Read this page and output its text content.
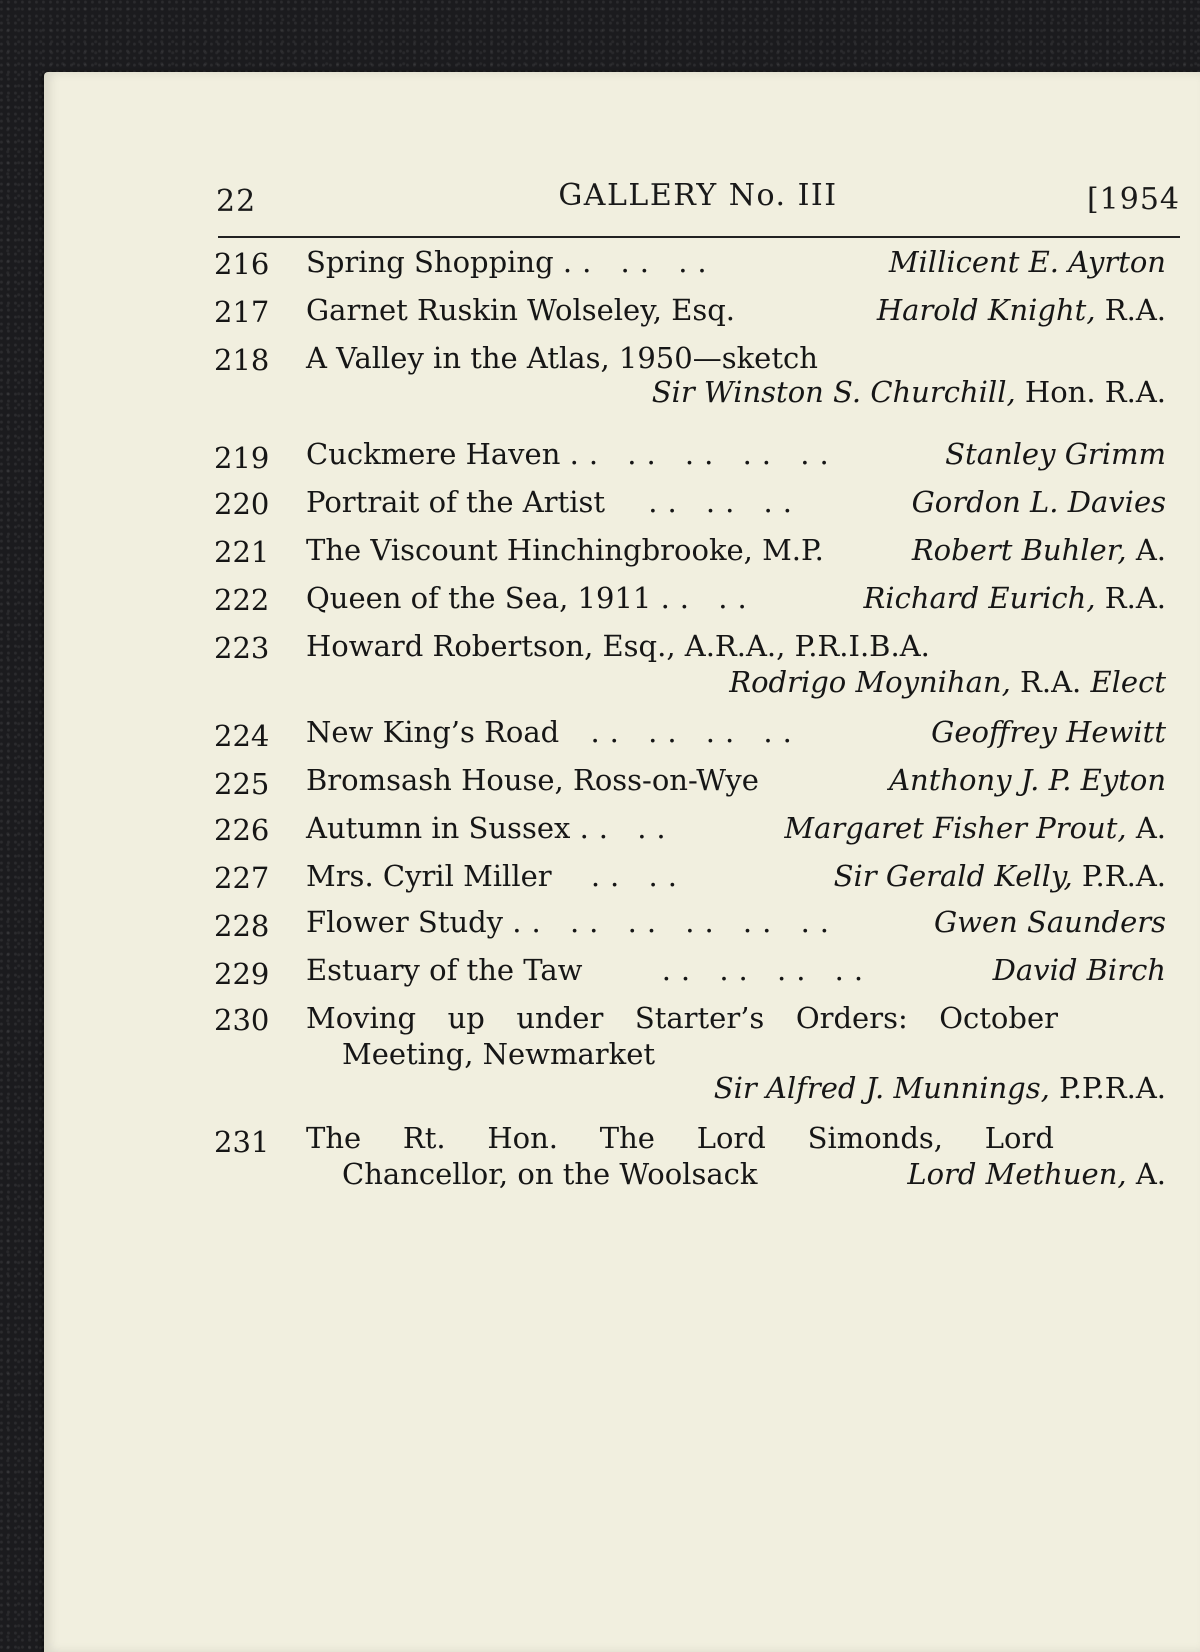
22	GALLERY No. III	[1954
216	Spring Shopping .. .. ..	Millicent E. Ayrton
217	Garnet Ruskin Wolseley, Esq.	Harold Knight, R.A.
218	A Valley in the Atlas, 1950—sketch
Sir Winston S. Churchill, Hon. R.A.
219	Cuckmere Haven .. .. .. .. ..	Stanley Grimm
220	Portrait of the Artist .. .. ..	Gordon L. Davies
221	The Viscount Hinchingbrooke, M.P.	Robert Buhler, A.
222	Queen of the Sea, 1911 .. ..	Richard Eurich, R.A.
223	Howard Robertson, Esq., A.R.A., P.R.I.B.A.
Rodrigo Moynihan, R.A. Elect
224	New King’s Road .. .. .. ..	Geoffrey Hewitt
225	Bromsash House, Ross-on-Wye	Anthony J. P. Eyton
226	Autumn in Sussex .. ..	Margaret Fisher Prout, A.
227	Mrs. Cyril Miller .. ..	Sir Gerald Kelly, P.R.A.
228	Flower Study .. .. .. .. .. ..	Gwen Saunders
229	Estuary of the Taw	.. .. .. ..	David Birch
230	Moving up under Starter’s Orders: October
Meeting, Newmarket
Sir Alfred J. Munnings, P.P.R.A.
231	The Rt. Hon. The Lord Simonds, Lord
Chancellor, on the Woolsack	Lord Methuen, A.
